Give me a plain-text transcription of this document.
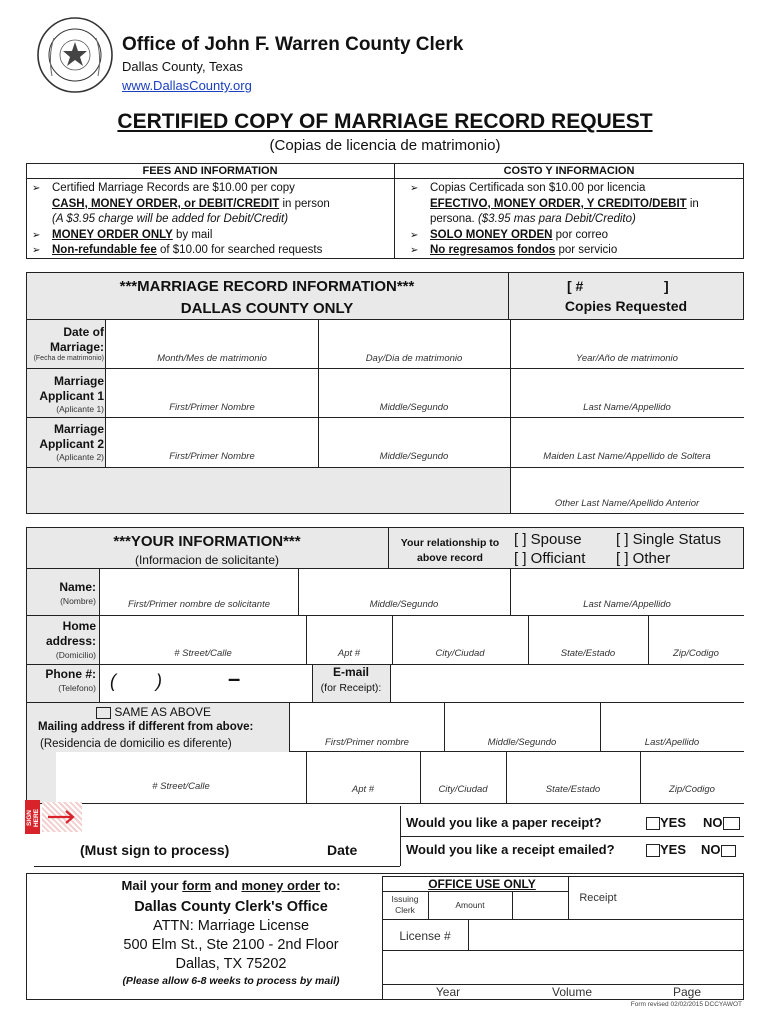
Office of John F. Warren County Clerk
Dallas County, Texas
www.DallasCounty.org
CERTIFIED COPY OF MARRIAGE RECORD REQUEST
(Copias de licencia de matrimonio)
FEES AND INFORMATION	COSTO Y INFORMACION
➢ Certified Marriage Records are $10.00 per copy
CASH, MONEY ORDER, or DEBIT/CREDIT in person
(A $3.95 charge will be added for Debit/Credit)
➢ MONEY ORDER ONLY by mail
➢ Non-refundable fee of $10.00 for searched requests
➢ Copias Certificada son $10.00 por licencia
EFECTIVO, MONEY ORDER, Y CREDITO/DEBIT in
persona. ($3.95 mas para Debit/Credito)
➢ SOLO MONEY ORDEN por correo
➢ No regresamos fondos por servicio
***MARRIAGE RECORD INFORMATION***
DALLAS COUNTY ONLY
[ #	]
Copies Requested
Date of
Marriage:
(Fecha de matrimonio)	Month/Mes de matrimonio	Day/Dia de matrimonio	Year/Año de matrimonio
Marriage
Applicant 1
(Aplicante 1)	First/Primer Nombre	Middle/Segundo	Last Name/Appellido
Marriage
Applicant 2
(Aplicante 2)	First/Primer Nombre	Middle/Segundo	Maiden Last Name/Appellido de Soltera
Other Last Name/Apellido Anterior
***YOUR INFORMATION***
(Informacion de solicitante)
Your relationship to
above record
[ ] Spouse [ ] Single Status
[ ] Officiant [ ] Other
Name:
(Nombre)	First/Primer nombre de solicitante	Middle/Segundo	Last Name/Appellido
Home
address:
(Domicilio)	# Street/Calle	Apt #	City/Ciudad	State/Estado	Zip/Codigo
Phone #:
(Telefono) (        )	–	E-mail
(for Receipt):
SAME AS ABOVE
Mailing address if different from above:
(Residencia de domicilio es diferente)	First/Primer nombre	Middle/Segundo	Last/Apellido
# Street/Calle	Apt #	City/Ciudad	State/Estado	Zip/Codigo
SIGN HERE
(Must sign to process)	Date
Would you like a paper receipt?	YES NO
Would you like a receipt emailed?	YES NO
Mail your form and money order to:
Dallas County Clerk's Office
ATTN: Marriage License
500 Elm St., Ste 2100 - 2nd Floor
Dallas, TX 75202
(Please allow 6-8 weeks to process by mail)
OFFICE USE ONLY
Issuing
Clerk	Amount
Receipt
License #
Year	Volume	Page
Form revised 02/02/2015 DCCYAWOT
